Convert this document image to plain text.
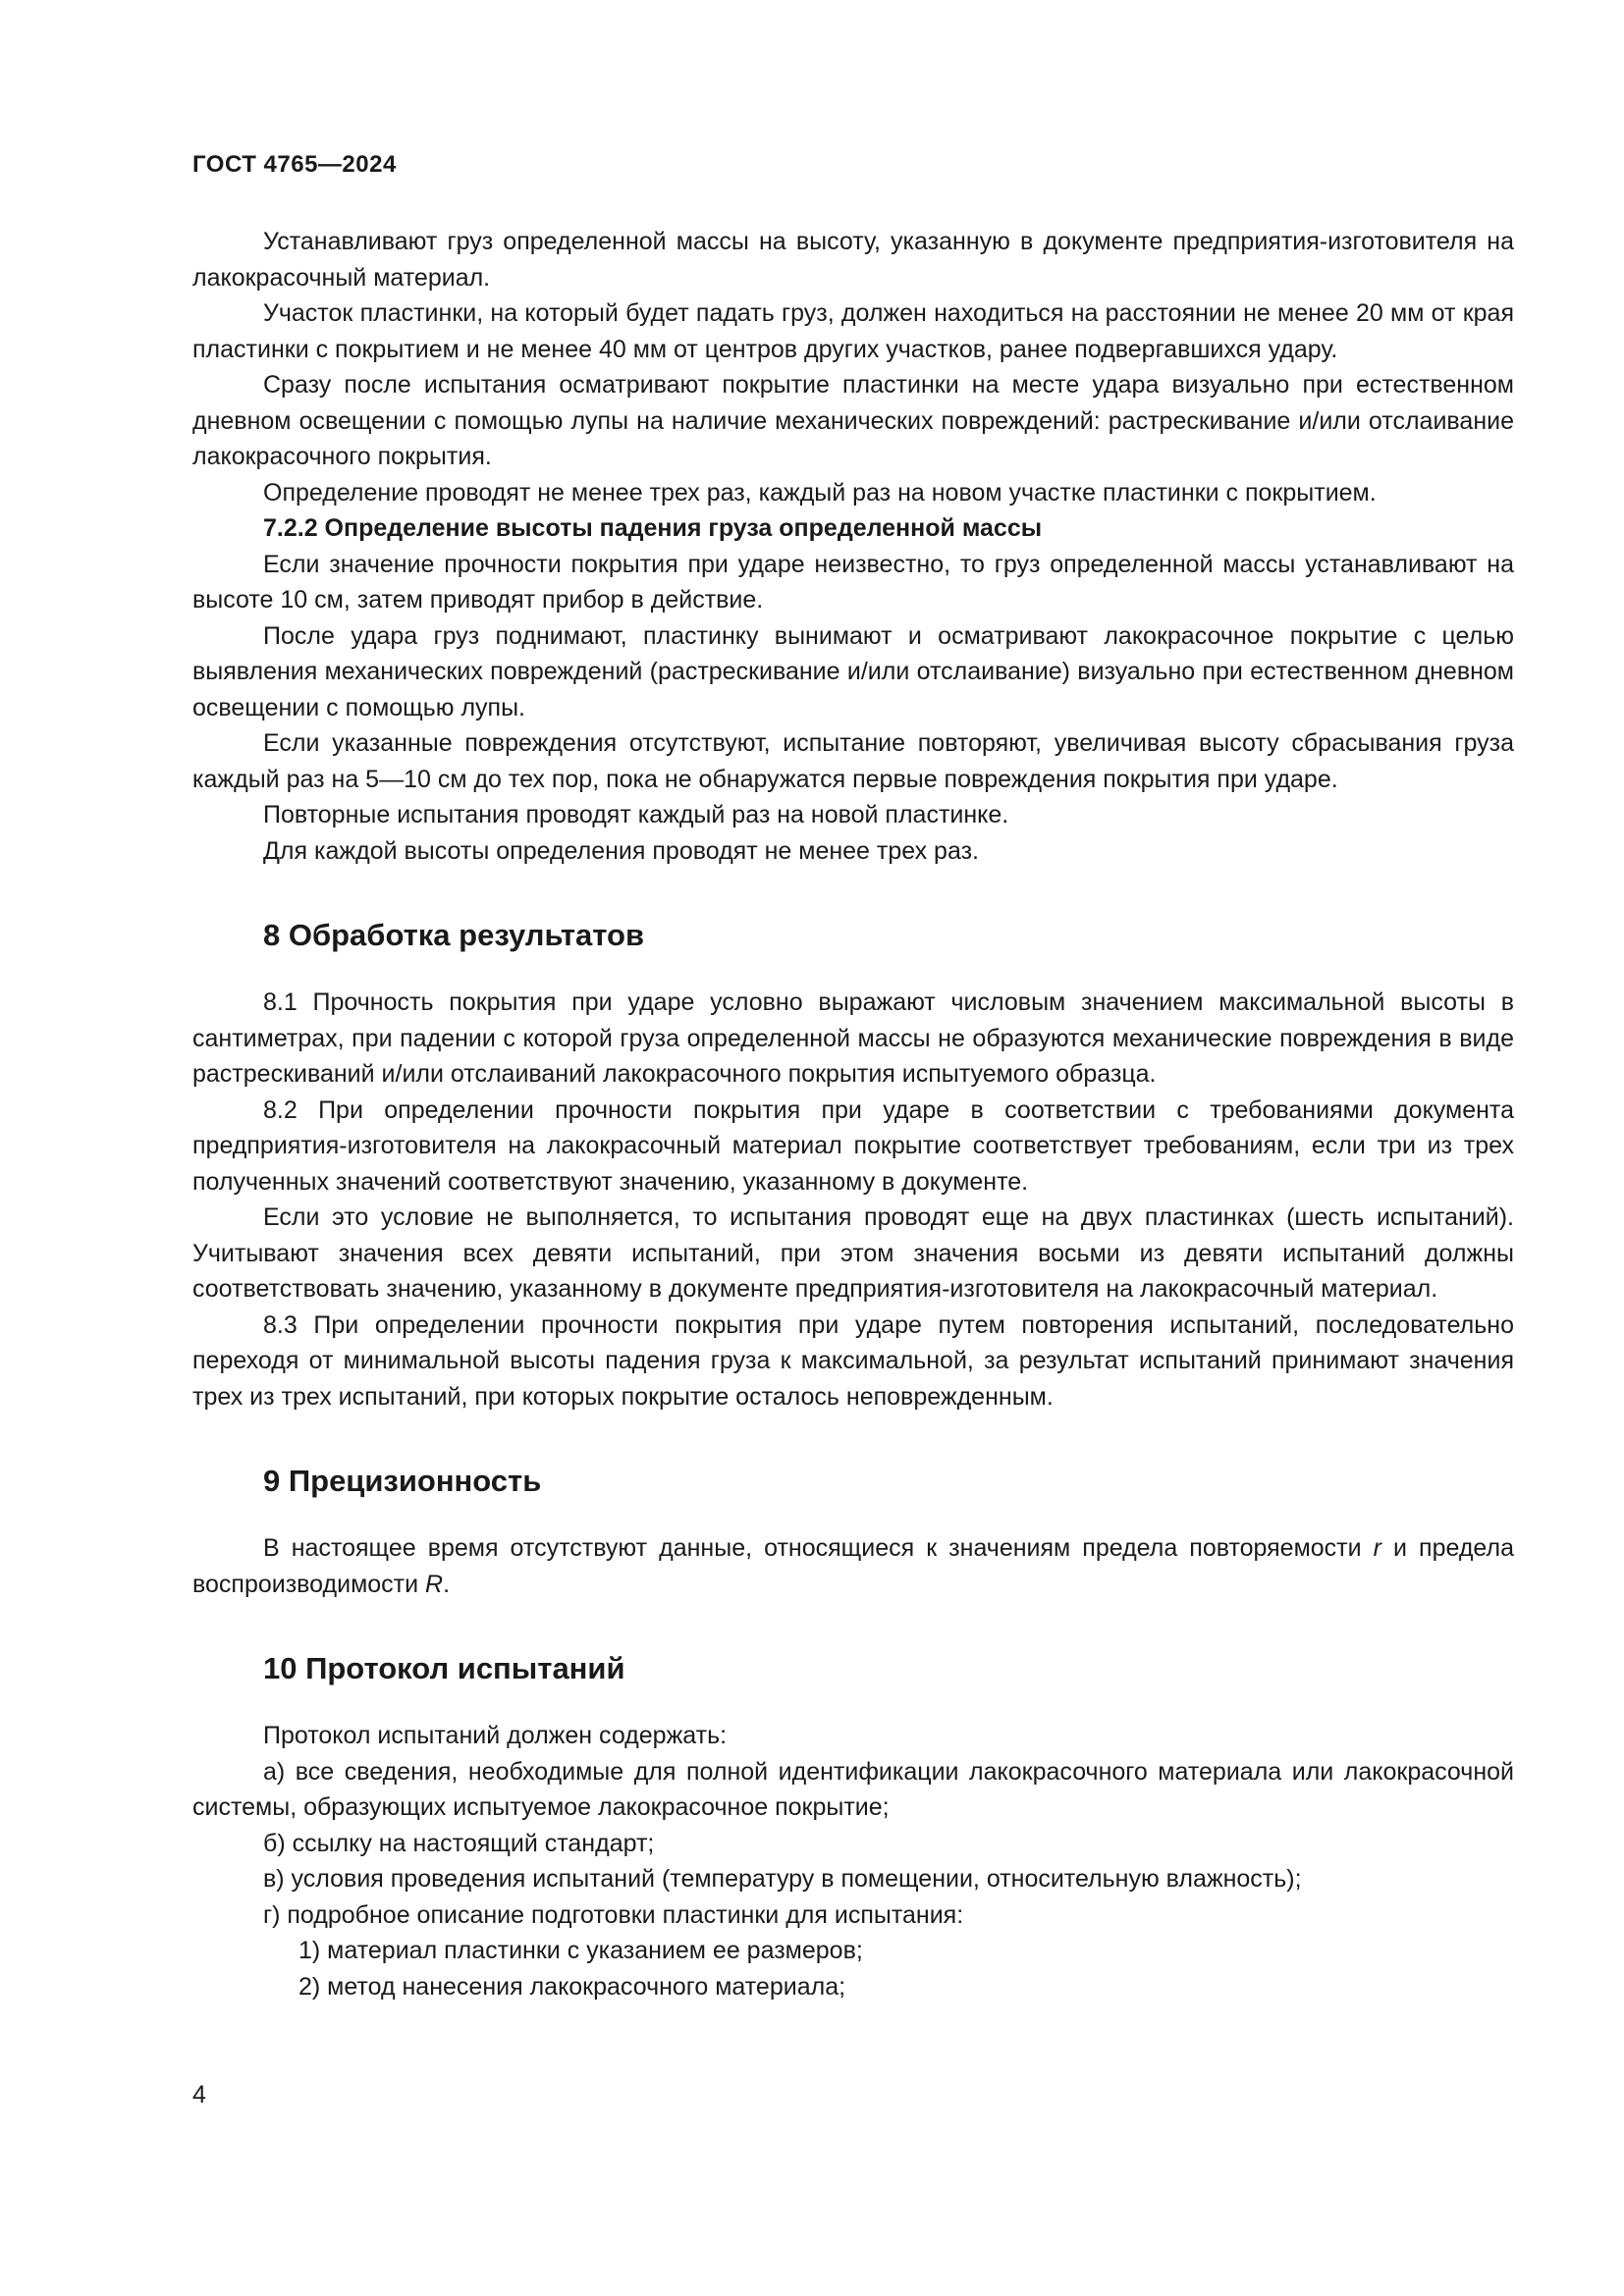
ГОСТ 4765—2024

Устанавливают груз определенной массы на высоту, указанную в документе предприятия-изготовителя на лакокрасочный материал.

Участок пластинки, на который будет падать груз, должен находиться на расстоянии не менее 20 мм от края пластинки с покрытием и не менее 40 мм от центров других участков, ранее подвергавшихся удару.

Сразу после испытания осматривают покрытие пластинки на месте удара визуально при естественном дневном освещении с помощью лупы на наличие механических повреждений: растрескивание и/или отслаивание лакокрасочного покрытия.

Определение проводят не менее трех раз, каждый раз на новом участке пластинки с покрытием.

7.2.2 Определение высоты падения груза определенной массы

Если значение прочности покрытия при ударе неизвестно, то груз определенной массы устанавливают на высоте 10 см, затем приводят прибор в действие.

После удара груз поднимают, пластинку вынимают и осматривают лакокрасочное покрытие с целью выявления механических повреждений (растрескивание и/или отслаивание) визуально при естественном дневном освещении с помощью лупы.

Если указанные повреждения отсутствуют, испытание повторяют, увеличивая высоту сбрасывания груза каждый раз на 5—10 см до тех пор, пока не обнаружатся первые повреждения покрытия при ударе.

Повторные испытания проводят каждый раз на новой пластинке.

Для каждой высоты определения проводят не менее трех раз.

8 Обработка результатов

8.1 Прочность покрытия при ударе условно выражают числовым значением максимальной высоты в сантиметрах, при падении с которой груза определенной массы не образуются механические повреждения в виде растрескиваний и/или отслаиваний лакокрасочного покрытия испытуемого образца.

8.2 При определении прочности покрытия при ударе в соответствии с требованиями документа предприятия-изготовителя на лакокрасочный материал покрытие соответствует требованиям, если три из трех полученных значений соответствуют значению, указанному в документе.

Если это условие не выполняется, то испытания проводят еще на двух пластинках (шесть испытаний). Учитывают значения всех девяти испытаний, при этом значения восьми из девяти испытаний должны соответствовать значению, указанному в документе предприятия-изготовителя на лакокрасочный материал.

8.3 При определении прочности покрытия при ударе путем повторения испытаний, последовательно переходя от минимальной высоты падения груза к максимальной, за результат испытаний принимают значения трех из трех испытаний, при которых покрытие осталось неповрежденным.

9 Прецизионность

В настоящее время отсутствуют данные, относящиеся к значениям предела повторяемости r и предела воспроизводимости R.

10 Протокол испытаний

Протокол испытаний должен содержать:

а) все сведения, необходимые для полной идентификации лакокрасочного материала или лакокрасочной системы, образующих испытуемое лакокрасочное покрытие;

б) ссылку на настоящий стандарт;

в) условия проведения испытаний (температуру в помещении, относительную влажность);

г) подробное описание подготовки пластинки для испытания:

1) материал пластинки с указанием ее размеров;

2) метод нанесения лакокрасочного материала;

4
